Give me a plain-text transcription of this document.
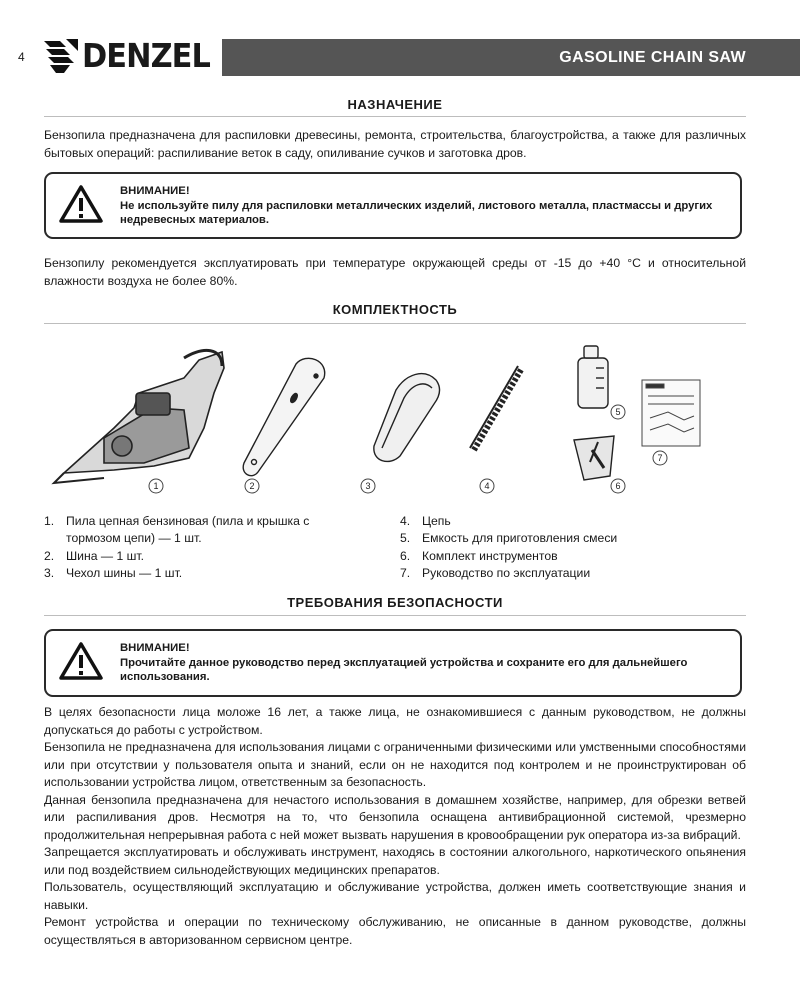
4 DENZEL	GASOLINE CHAIN SAW
НАЗНАЧЕНИЕ
Бензопила предназначена для распиловки древесины, ремонта, строительства, благоустройства, а также для различных бытовых операций: распиливание веток в саду, опиливание сучков и заготовка дров.
ВНИМАНИЕ!
Не используйте пилу для распиловки металлических изделий, листового металла, пластмассы и других недревесных материалов.
Бензопилу рекомендуется эксплуатировать при температуре окружающей среды от -15 до +40 °С и относительной влажности воздуха не более 80%.
КОМПЛЕКТНОСТЬ
1	2	3	4
5
6
7
1. Пила цепная бензиновая (пила и крышка с тормозом цепи) — 1 шт.
2. Шина — 1 шт.
3. Чехол шины — 1 шт.
4. Цепь
5. Емкость для приготовления смеси
6. Комплект инструментов
7. Руководство по эксплуатации
ТРЕБОВАНИЯ БЕЗОПАСНОСТИ
ВНИМАНИЕ!
Прочитайте данное руководство перед эксплуатацией устройства и сохраните его для дальнейшего использования.

В целях безопасности лица моложе 16 лет, а также лица, не ознакомившиеся с данным руководством, не должны допускаться до работы с устройством.

Бензопила не предназначена для использования лицами с ограниченными физическими или умственными способностями или при отсутствии у пользователя опыта и знаний, если он не находится под контролем и не проинструктирован об использовании устройства лицом, ответственным за безопасность.

Данная бензопила предназначена для нечастого использования в домашнем хозяйстве, например, для обрезки ветвей или распиливания дров. Несмотря на то, что бензопила оснащена антивибрационной системой, чрезмерно продолжительная непрерывная работа с ней может вызвать нарушения в кровообращении рук оператора из-за вибраций.

Запрещается эксплуатировать и обслуживать инструмент, находясь в состоянии алкогольного, наркотического опьянения или под воздействием сильнодействующих медицинских препаратов.

Пользователь, осуществляющий эксплуатацию и обслуживание устройства, должен иметь соответствующие знания и навыки.

Ремонт устройства и операции по техническому обслуживанию, не описанные в данном руководстве, должны осуществляться в авторизованном сервисном центре.
